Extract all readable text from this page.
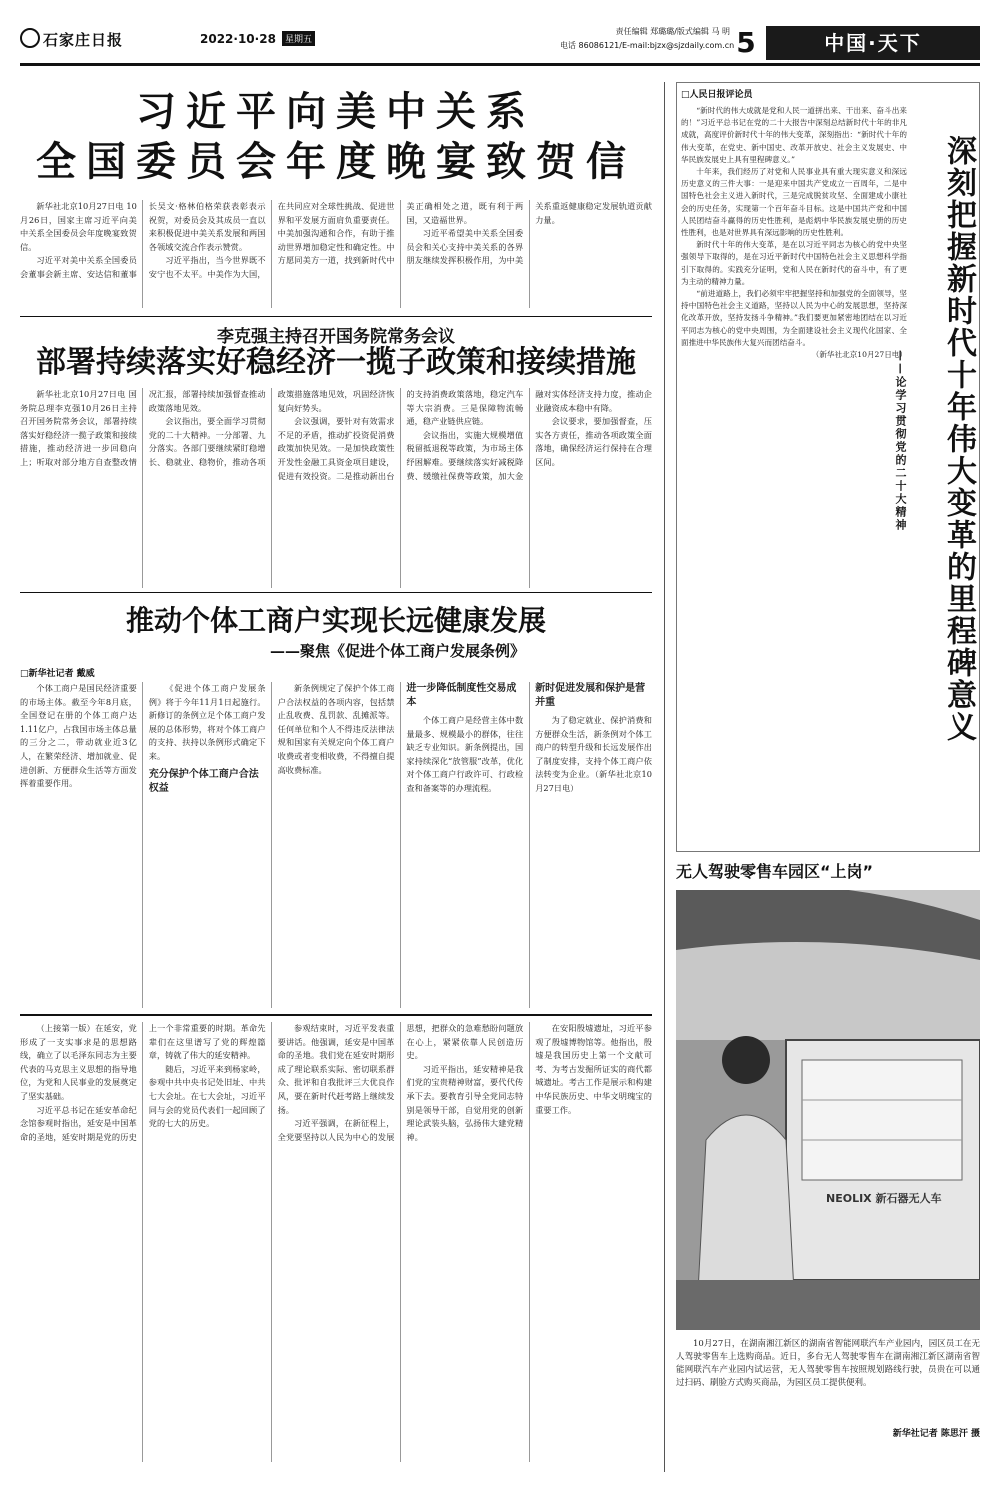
石家庄日报	2022·10·28	星期五
责任编辑 郑璐璐/版式编辑 马 明
电话 86086121/E-mail:bjzx@sjzdaily.com.cn 5	中国·天下
习近平向美中关系
全国委员会年度晚宴致贺信

新华社北京10月27日电 10月26日，国家主席习近平向美中关系全国委员会年度晚宴致贺信。

习近平对美中关系全国委员会董事会新主席、安达信和董事长吴文·格林伯格荣获表彰表示祝贺，对委员会及其成员一直以来积极促进中美关系发展和两国各领域交流合作表示赞赏。

习近平指出，当今世界既不安宁也不太平。中美作为大国，在共同应对全球性挑战、促进世界和平发展方面肩负重要责任。中美加强沟通和合作，有助于推动世界增加稳定性和确定性。中方愿同美方一道，找到新时代中美正确相处之道，既有利于两国，又造福世界。

习近平希望美中关系全国委员会和关心支持中美关系的各界朋友继续发挥积极作用，为中美关系重返健康稳定发展轨道贡献力量。

李克强主持召开国务院常务会议
部署持续落实好稳经济一揽子政策和接续措施

新华社北京10月27日电 国务院总理李克强10月26日主持召开国务院常务会议，部署持续落实好稳经济一揽子政策和接续措施，推动经济进一步回稳向上；听取对部分地方自查整改情况汇报，部署持续加强督查推动政策落地见效。

会议指出，要全面学习贯彻党的二十大精神。一分部署、九分落实。各部门要继续紧盯稳增长、稳就业、稳物价，推动各项政策措施落地见效，巩固经济恢复向好势头。

会议强调，要针对有效需求不足的矛盾，推动扩投资促消费政策加快见效。一是加快政策性开发性金融工具资金项目建设，促进有效投资。二是推动新出台的支持消费政策落地，稳定汽车等大宗消费。三是保障物流畅通，稳产业链供应链。

会议指出，实施大规模增值税留抵退税等政策，为市场主体纾困解难。要继续落实好减税降费、缓缴社保费等政策，加大金融对实体经济支持力度，推动企业融资成本稳中有降。

会议要求，要加强督查，压实各方责任，推动各项政策全面落地，确保经济运行保持在合理区间。

推动个体工商户实现长远健康发展
——聚焦《促进个体工商户发展条例》
□新华社记者 戴威

个体工商户是国民经济重要的市场主体。截至今年8月底，全国登记在册的个体工商户达1.11亿户，占我国市场主体总量的三分之二，带动就业近3亿人，在繁荣经济、增加就业、促进创新、方便群众生活等方面发挥着重要作用。

《促进个体工商户发展条例》将于今年11月1日起施行。新修订的条例立足个体工商户发展的总体形势，将对个体工商户的支持、扶持以条例形式确定下来。

充分保护个体工商户合法权益

新条例规定了保护个体工商户合法权益的各项内容，包括禁止乱收费、乱罚款、乱摊派等。任何单位和个人不得违反法律法规和国家有关规定向个体工商户收费或者变相收费，不得擅自提高收费标准。

进一步降低制度性交易成本

个体工商户是经营主体中数量最多、规模最小的群体，往往缺乏专业知识。新条例提出，国家持续深化“放管服”改革，优化对个体工商户行政许可、行政检查和备案等的办理流程。

新时促进发展和保护是营并重

为了稳定就业、保护消费和方便群众生活，新条例对个体工商户的转型升级和长远发展作出了制度安排，支持个体工商户依法转变为企业。（新华社北京10月27日电）

（上接第一版）在延安，党形成了一支实事求是的思想路线，确立了以毛泽东同志为主要代表的马克思主义思想的指导地位，为党和人民事业的发展奠定了坚实基础。

习近平总书记在延安革命纪念馆参观时指出，延安是中国革命的圣地，延安时期是党的历史上一个非常重要的时期。革命先辈们在这里谱写了党的辉煌篇章，铸就了伟大的延安精神。

随后，习近平来到杨家岭，参观中共中央书记处旧址、中共七大会址。在七大会址，习近平同与会的党员代表们一起回顾了党的七大的历史。

参观结束时，习近平发表重要讲话。他强调，延安是中国革命的圣地。我们党在延安时期形成了理论联系实际、密切联系群众、批评和自我批评三大优良作风，要在新时代赶考路上继续发扬。

习近平强调，在新征程上，全党要坚持以人民为中心的发展思想，把群众的急难愁盼问题放在心上，紧紧依靠人民创造历史。

习近平指出，延安精神是我们党的宝贵精神财富，要代代传承下去。要教育引导全党同志特别是领导干部，自觉用党的创新理论武装头脑，弘扬伟大建党精神。

在安阳殷墟遗址，习近平参观了殷墟博物馆等。他指出，殷墟是我国历史上第一个文献可考、为考古发掘所证实的商代都城遗址。考古工作是展示和构建中华民族历史、中华文明瑰宝的重要工作。

□人民日报评论员

“新时代的伟大成就是党和人民一道拼出来、干出来、奋斗出来的！”习近平总书记在党的二十大报告中深刻总结新时代十年的非凡成就，高度评价新时代十年的伟大变革，深刻指出：“新时代十年的伟大变革，在党史、新中国史、改革开放史、社会主义发展史、中华民族发展史上具有里程碑意义。”

十年来，我们经历了对党和人民事业具有重大现实意义和深远历史意义的三件大事：一是迎来中国共产党成立一百周年，二是中国特色社会主义进入新时代，三是完成脱贫攻坚、全面建成小康社会的历史任务，实现第一个百年奋斗目标。这是中国共产党和中国人民团结奋斗赢得的历史性胜利，是彪炳中华民族发展史册的历史性胜利，也是对世界具有深远影响的历史性胜利。

新时代十年的伟大变革，是在以习近平同志为核心的党中央坚强领导下取得的，是在习近平新时代中国特色社会主义思想科学指引下取得的。实践充分证明，党和人民在新时代的奋斗中，有了更为主动的精神力量。

“前进道路上，我们必须牢牢把握坚持和加强党的全面领导，坚持中国特色社会主义道路，坚持以人民为中心的发展思想，坚持深化改革开放，坚持发扬斗争精神。”我们要更加紧密地团结在以习近平同志为核心的党中央周围，为全面建设社会主义现代化国家、全面推进中华民族伟大复兴而团结奋斗。

（新华社北京10月27日电）	深刻把握新时代十年伟大变革的里程碑意义
——论学习贯彻党的二十大精神
无人驾驶零售车园区“上岗”
NEOLIX 新石器无人车
10月27日，在湖南湘江新区的湖南省智能网联汽车产业园内，园区员工在无人驾驶零售车上选购商品。近日，多台无人驾驶零售车在湖南湘江新区湖南省智能网联汽车产业园内试运营，无人驾驶零售车按照规划路线行驶，员贵在可以通过扫码、刷脸方式购买商品，为园区员工提供便利。
新华社记者 陈思汗 摄
